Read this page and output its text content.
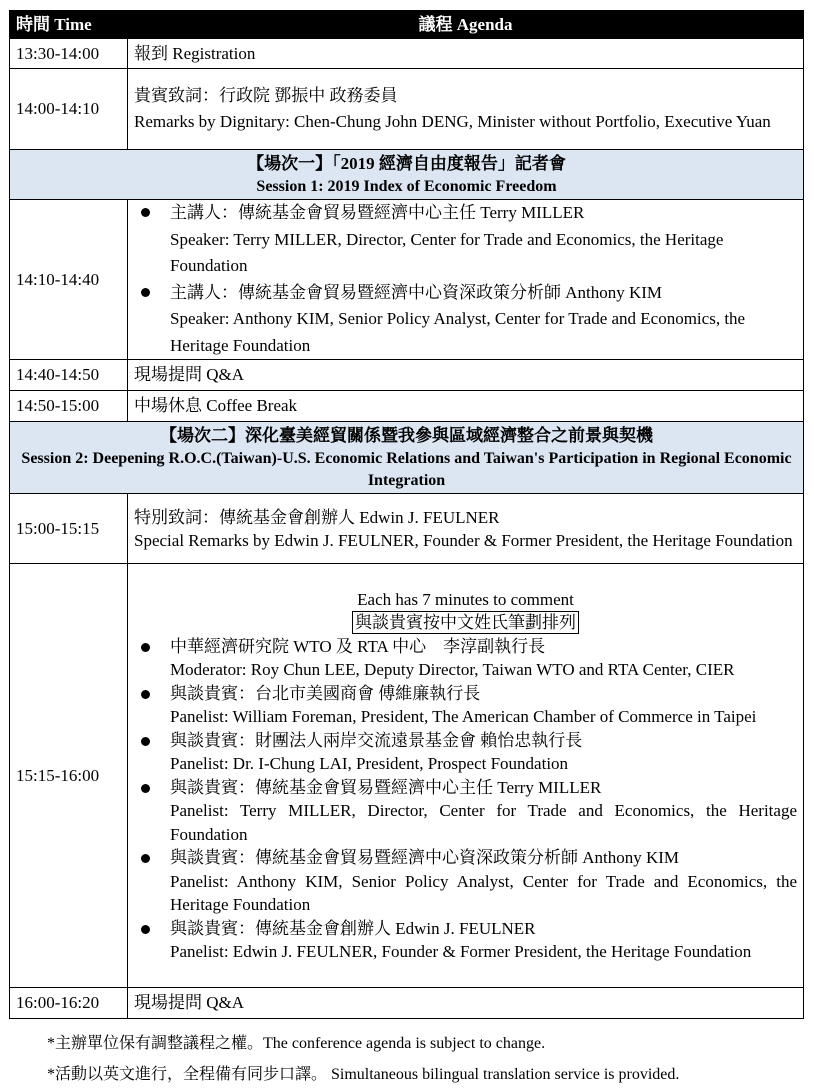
時間 Time	議程 Agenda
13:30-14:00	報到 Registration
14:00-14:10	貴賓致詞：行政院 鄧振中 政務委員
Remarks by Dignitary: Chen-Chung John DENG, Minister without Portfolio, Executive Yuan

【場次一】「2019 經濟自由度報告」記者會
Session 1: 2019 Index of Economic Freedom	

14:10-14:40	
主講人：傳統基金會貿易暨經濟中心主任 Terry MILLER
Speaker: Terry MILLER, Director, Center for Trade and Economics, the Heritage Foundation
主講人：傳統基金會貿易暨經濟中心資深政策分析師 Anthony KIM
Speaker: Anthony KIM, Senior Policy Analyst, Center for Trade and Economics, the Heritage Foundation

14:40-14:50	現場提問 Q&A
14:50-15:00	中場休息 Coffee Break

【場次二】深化臺美經貿關係暨我參與區域經濟整合之前景與契機
Session 2: Deepening R.O.C.(Taiwan)-U.S. Economic Relations and Taiwan's Participation in Regional Economic Integration	

15:00-15:15	特別致詞：傳統基金會創辦人 Edwin J. FEULNER
Special Remarks by Edwin J. FEULNER, Founder & Former President, the Heritage Foundation

15:15-16:00	
Each has 7 minutes to comment
與談貴賓按中文姓氏筆劃排列
中華經濟研究院 WTO 及 RTA 中心　李淳副執行長
Moderator: Roy Chun LEE, Deputy Director, Taiwan WTO and RTA Center, CIER
與談貴賓：台北市美國商會 傅維廉執行長
Panelist: William Foreman, President, The American Chamber of Commerce in Taipei
與談貴賓：財團法人兩岸交流遠景基金會 賴怡忠執行長
Panelist: Dr. I-Chung LAI, President, Prospect Foundation
與談貴賓：傳統基金會貿易暨經濟中心主任 Terry MILLER
Panelist: Terry MILLER, Director, Center for Trade and Economics, the Heritage Foundation
與談貴賓：傳統基金會貿易暨經濟中心資深政策分析師 Anthony KIM
Panelist: Anthony KIM, Senior Policy Analyst, Center for Trade and Economics, the Heritage Foundation
與談貴賓：傳統基金會創辦人 Edwin J. FEULNER
Panelist: Edwin J. FEULNER, Founder & Former President, the Heritage Foundation

16:00-16:20	現場提問 Q&A
*主辦單位保有調整議程之權。The conference agenda is subject to change.
*活動以英文進行，全程備有同步口譯。 Simultaneous bilingual translation service is provided.
